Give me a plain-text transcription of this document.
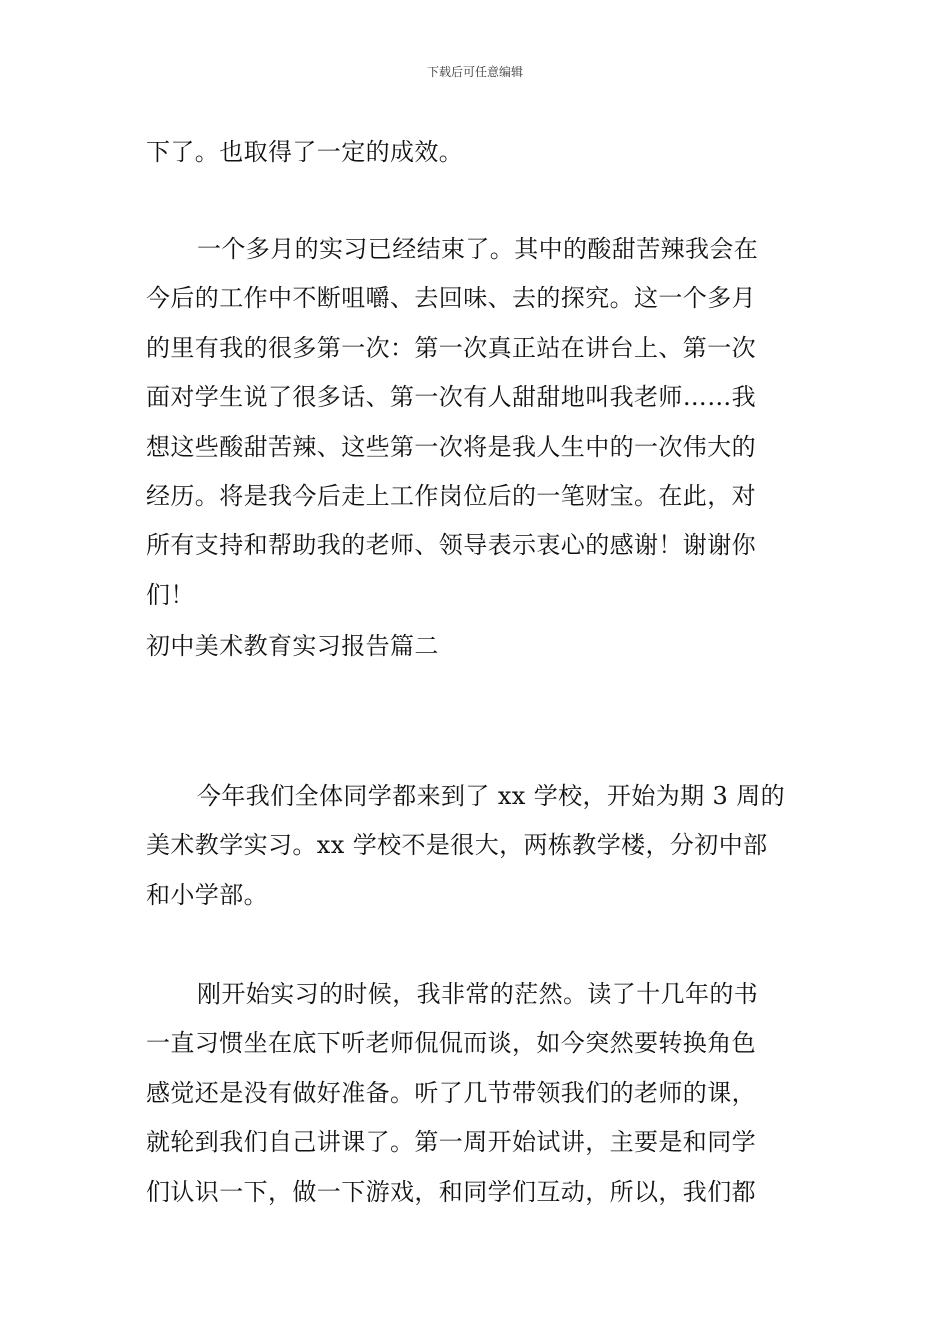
下载后可任意编辑

下了。也取得了一定的成效。

一个多月的实习已经结束了。其中的酸甜苦辣我会在
今后的工作中不断咀嚼、去回味、去的探究。这一个多月
的里有我的很多第一次：第一次真正站在讲台上、第一次
面对学生说了很多话、第一次有人甜甜地叫我老师……我
想这些酸甜苦辣、这些第一次将是我人生中的一次伟大的
经历。将是我今后走上工作岗位后的一笔财宝。在此，对
所有支持和帮助我的老师、领导表示衷心的感谢！谢谢你
们！

初中美术教育实习报告篇二

今年我们全体同学都来到了 xx 学校，开始为期 3 周的
美术教学实习。xx 学校不是很大，两栋教学楼，分初中部
和小学部。

刚开始实习的时候，我非常的茫然。读了十几年的书
一直习惯坐在底下听老师侃侃而谈，如今突然要转换角色
感觉还是没有做好准备。听了几节带领我们的老师的课，
就轮到我们自己讲课了。第一周开始试讲，主要是和同学
们认识一下，做一下游戏，和同学们互动，所以，我们都
